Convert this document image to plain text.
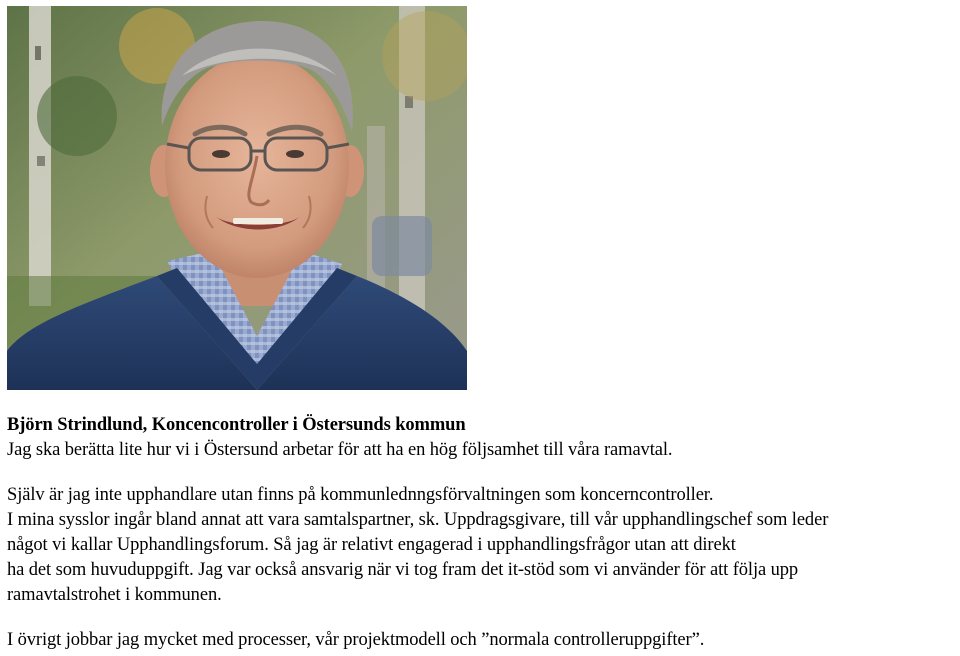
Björn Strindlund, Koncencontroller i Östersunds kommun
Jag ska berätta lite hur vi i Östersund arbetar för att ha en hög följsamhet till våra ramavtal.
Själv är jag inte upphandlare utan finns på kommunlednngsförvaltningen som koncerncontroller.
I mina sysslor ingår bland annat att vara samtalspartner, sk. Uppdragsgivare, till vår upphandlingschef som leder
något vi kallar Upphandlingsforum. Så jag är relativt engagerad i upphandlingsfrågor utan att direkt
ha det som huvuduppgift. Jag var också ansvarig när vi tog fram det it-stöd som vi använder för att följa upp
ramavtalstrohet i kommunen.
I övrigt jobbar jag mycket med processer, vår projektmodell och ”normala controlleruppgifter”.
